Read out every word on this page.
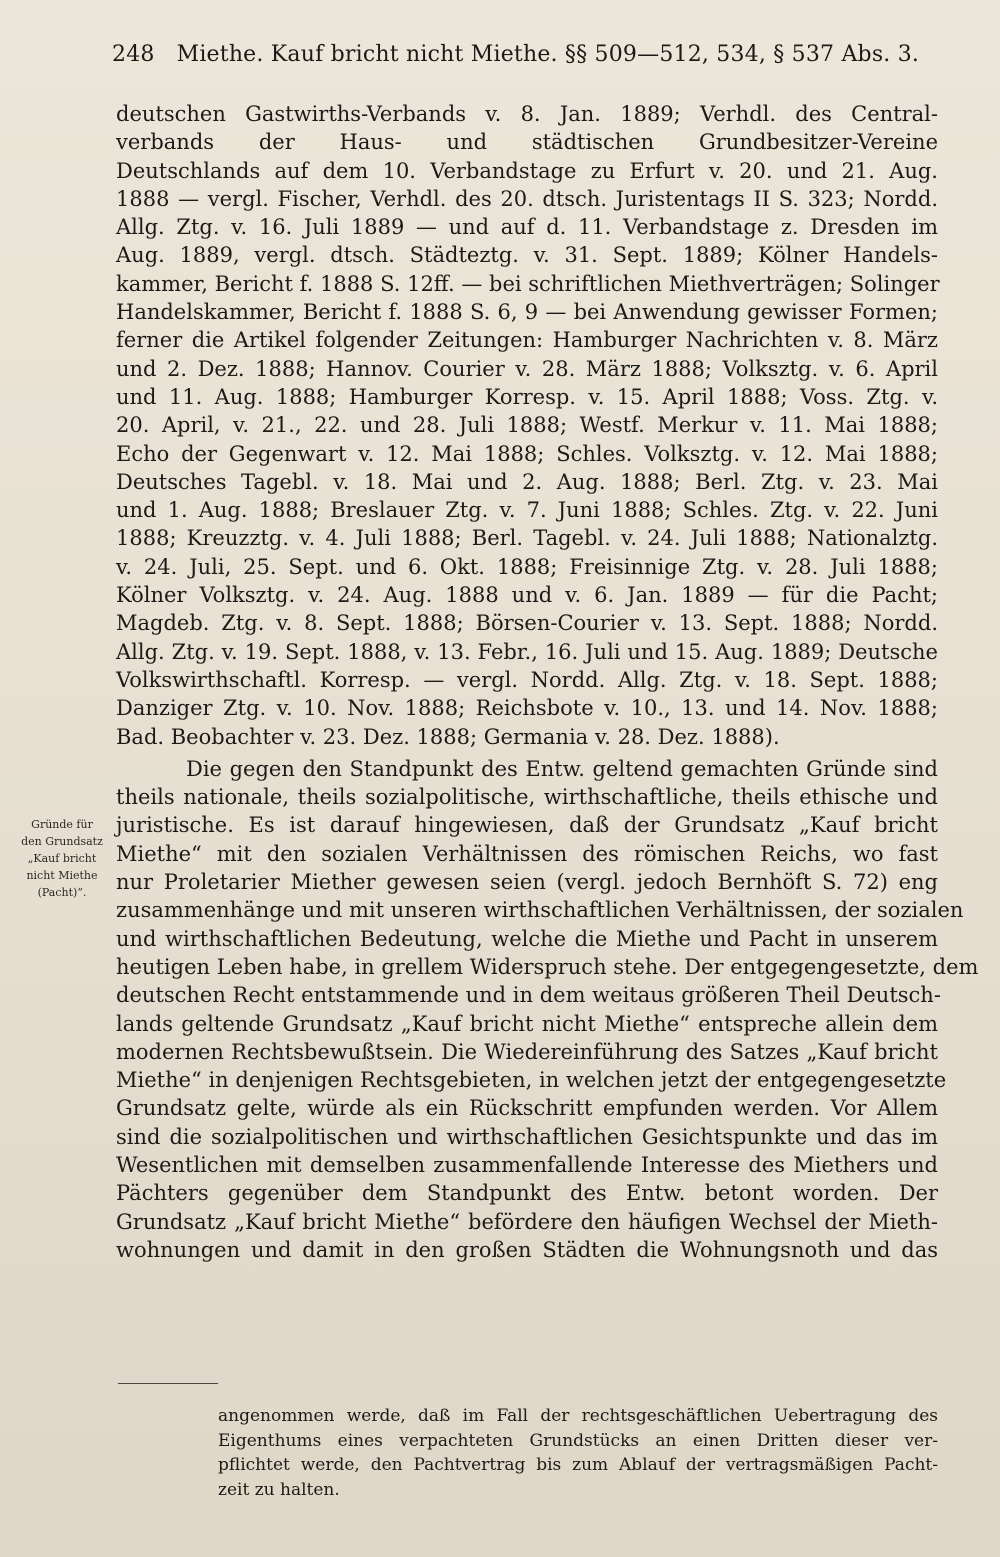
248 Miethe. Kauf bricht nicht Miethe. §§ 509—512, 534, § 537 Abs. 3.
Gründe für
den Grundsatz
„Kauf bricht
nicht Miethe
(Pacht)“.
deutschen Gastwirths-Verbands v. 8. Jan. 1889; Verhdl. des Central-
verbands der Haus- und städtischen Grundbesitzer-Vereine
Deutschlands auf dem 10. Verbandstage zu Erfurt v. 20. und 21. Aug.
1888 — vergl. Fischer, Verhdl. des 20. dtsch. Juristentags II S. 323; Nordd.
Allg. Ztg. v. 16. Juli 1889 — und auf d. 11. Verbandstage z. Dresden im
Aug. 1889, vergl. dtsch. Städteztg. v. 31. Sept. 1889; Kölner Handels-
kammer, Bericht f. 1888 S. 12ff. — bei schriftlichen Miethverträgen; Solinger
Handelskammer, Bericht f. 1888 S. 6, 9 — bei Anwendung gewisser Formen;
ferner die Artikel folgender Zeitungen: Hamburger Nachrichten v. 8. März
und 2. Dez. 1888; Hannov. Courier v. 28. März 1888; Volksztg. v. 6. April
und 11. Aug. 1888; Hamburger Korresp. v. 15. April 1888; Voss. Ztg. v.
20. April, v. 21., 22. und 28. Juli 1888; Westf. Merkur v. 11. Mai 1888;
Echo der Gegenwart v. 12. Mai 1888; Schles. Volksztg. v. 12. Mai 1888;
Deutsches Tagebl. v. 18. Mai und 2. Aug. 1888; Berl. Ztg. v. 23. Mai
und 1. Aug. 1888; Breslauer Ztg. v. 7. Juni 1888; Schles. Ztg. v. 22. Juni
1888; Kreuzztg. v. 4. Juli 1888; Berl. Tagebl. v. 24. Juli 1888; Nationalztg.
v. 24. Juli, 25. Sept. und 6. Okt. 1888; Freisinnige Ztg. v. 28. Juli 1888;
Kölner Volksztg. v. 24. Aug. 1888 und v. 6. Jan. 1889 — für die Pacht;
Magdeb. Ztg. v. 8. Sept. 1888; Börsen-Courier v. 13. Sept. 1888; Nordd.
Allg. Ztg. v. 19. Sept. 1888, v. 13. Febr., 16. Juli und 15. Aug. 1889; Deutsche
Volkswirthschaftl. Korresp. — vergl. Nordd. Allg. Ztg. v. 18. Sept. 1888;
Danziger Ztg. v. 10. Nov. 1888; Reichsbote v. 10., 13. und 14. Nov. 1888;
Bad. Beobachter v. 23. Dez. 1888; Germania v. 28. Dez. 1888).
Die gegen den Standpunkt des Entw. geltend gemachten Gründe sind
theils nationale, theils sozialpolitische, wirthschaftliche, theils ethische und
juristische. Es ist darauf hingewiesen, daß der Grundsatz „Kauf bricht
Miethe“ mit den sozialen Verhältnissen des römischen Reichs, wo fast
nur Proletarier Miether gewesen seien (vergl. jedoch Bernhöft S. 72) eng
zusammenhänge und mit unseren wirthschaftlichen Verhältnissen, der sozialen
und wirthschaftlichen Bedeutung, welche die Miethe und Pacht in unserem
heutigen Leben habe, in grellem Widerspruch stehe. Der entgegengesetzte, dem
deutschen Recht entstammende und in dem weitaus größeren Theil Deutsch-
lands geltende Grundsatz „Kauf bricht nicht Miethe“ entspreche allein dem
modernen Rechtsbewußtsein. Die Wiedereinführung des Satzes „Kauf bricht
Miethe“ in denjenigen Rechtsgebieten, in welchen jetzt der entgegengesetzte
Grundsatz gelte, würde als ein Rückschritt empfunden werden. Vor Allem
sind die sozialpolitischen und wirthschaftlichen Gesichtspunkte und das im
Wesentlichen mit demselben zusammenfallende Interesse des Miethers und
Pächters gegenüber dem Standpunkt des Entw. betont worden. Der
Grundsatz „Kauf bricht Miethe“ befördere den häufigen Wechsel der Mieth-
wohnungen und damit in den großen Städten die Wohnungsnoth und das
angenommen werde, daß im Fall der rechtsgeschäftlichen Uebertragung des
Eigenthums eines verpachteten Grundstücks an einen Dritten dieser ver-
pflichtet werde, den Pachtvertrag bis zum Ablauf der vertragsmäßigen Pacht-
zeit zu halten.
